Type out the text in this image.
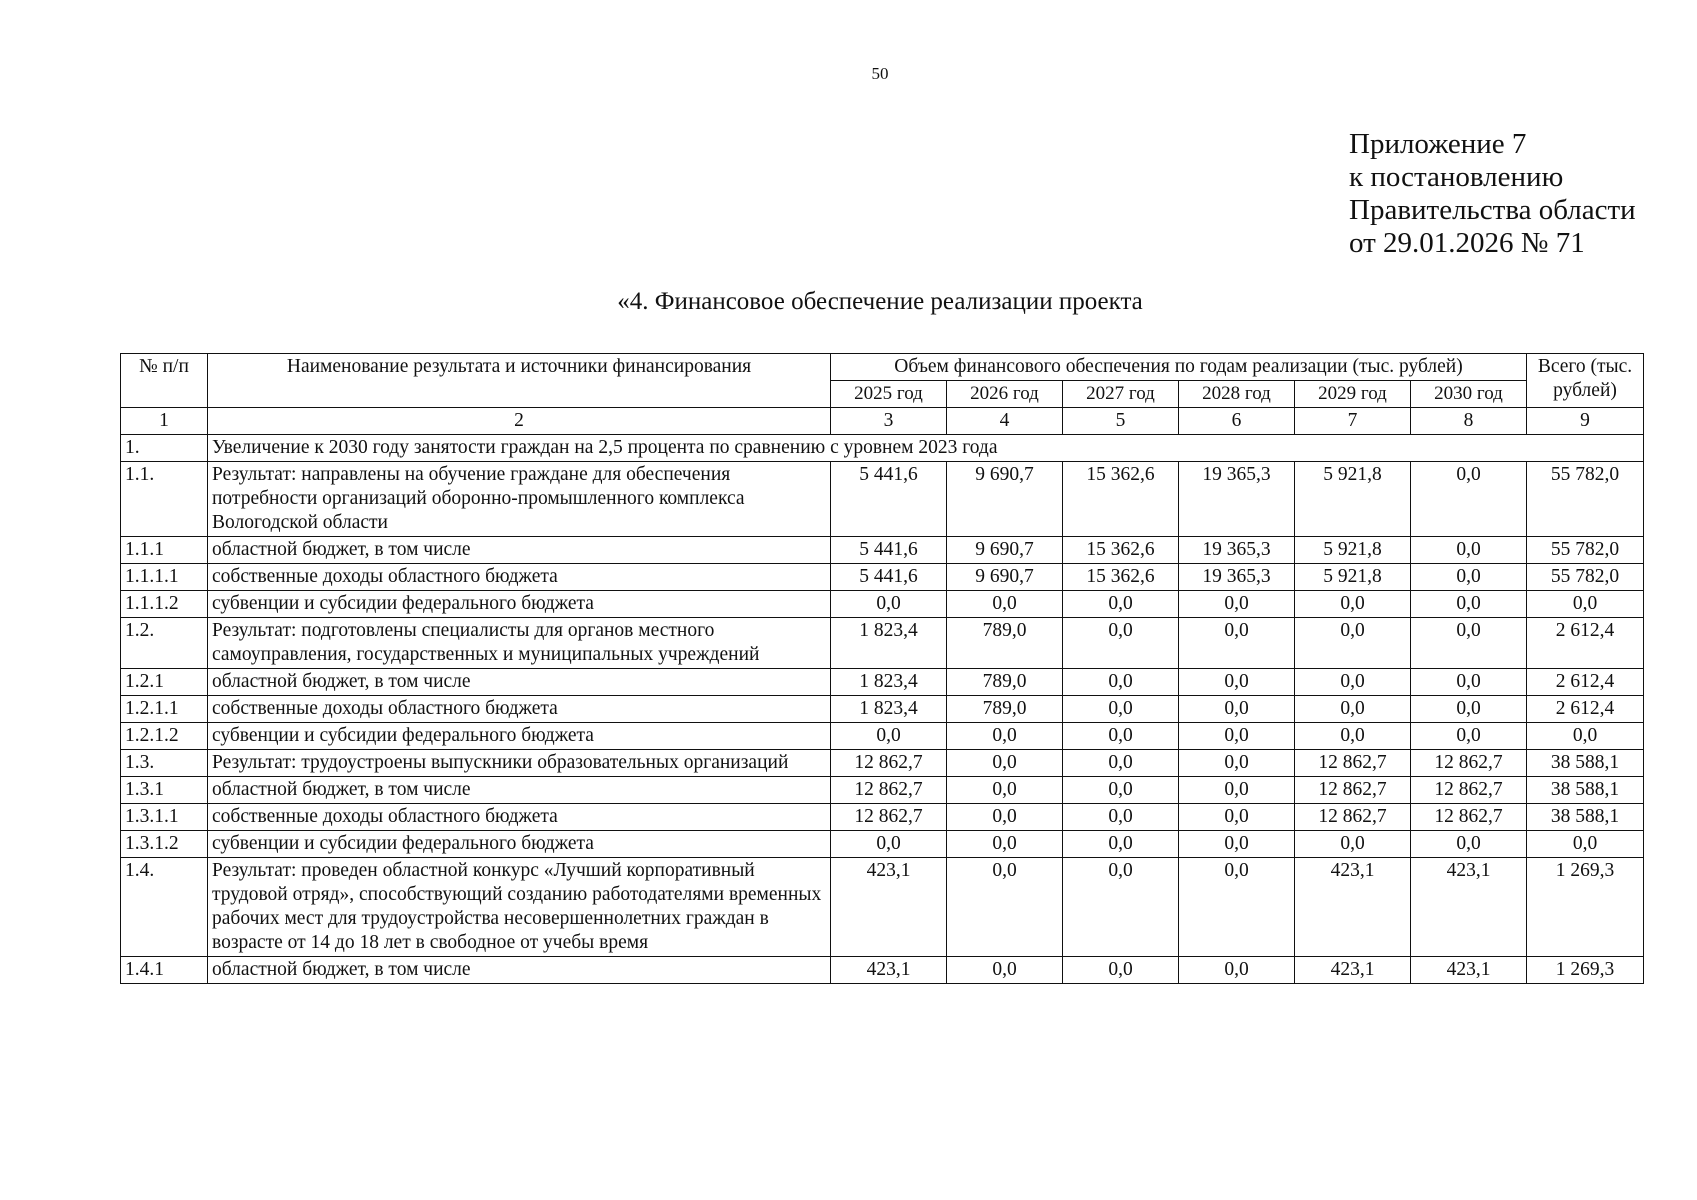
50
Приложение 7
к постановлению
Правительства области
от 29.01.2026 № 71
«4. Финансовое обеспечение реализации проекта
№ п/п	Наименование результата и источники финансирования	Объем финансового обеспечения по годам реализации (тыс. рублей)						Всего (тыс. рублей)
		2025 год	2026 год	2027 год	2028 год	2029 год	2030 год	
1	2	3	4	5	6	7	8	9
1.	Увеличение к 2030 году занятости граждан на 2,5 процента по сравнению с уровнем 2023 года							
1.1.	Результат: направлены на обучение граждане для обеспечения потребности организаций оборонно-промышленного комплекса Вологодской области	5 441,6	9 690,7	15 362,6	19 365,3	5 921,8	0,0	55 782,0
1.1.1	областной бюджет, в том числе	5 441,6	9 690,7	15 362,6	19 365,3	5 921,8	0,0	55 782,0
1.1.1.1	собственные доходы областного бюджета	5 441,6	9 690,7	15 362,6	19 365,3	5 921,8	0,0	55 782,0
1.1.1.2	субвенции и субсидии федерального бюджета	0,0	0,0	0,0	0,0	0,0	0,0	0,0
1.2.	Результат: подготовлены специалисты для органов местного самоуправления, государственных и муниципальных учреждений	1 823,4	789,0	0,0	0,0	0,0	0,0	2 612,4
1.2.1	областной бюджет, в том числе	1 823,4	789,0	0,0	0,0	0,0	0,0	2 612,4
1.2.1.1	собственные доходы областного бюджета	1 823,4	789,0	0,0	0,0	0,0	0,0	2 612,4
1.2.1.2	субвенции и субсидии федерального бюджета	0,0	0,0	0,0	0,0	0,0	0,0	0,0
1.3.	Результат: трудоустроены выпускники образовательных организаций	12 862,7	0,0	0,0	0,0	12 862,7	12 862,7	38 588,1
1.3.1	областной бюджет, в том числе	12 862,7	0,0	0,0	0,0	12 862,7	12 862,7	38 588,1
1.3.1.1	собственные доходы областного бюджета	12 862,7	0,0	0,0	0,0	12 862,7	12 862,7	38 588,1
1.3.1.2	субвенции и субсидии федерального бюджета	0,0	0,0	0,0	0,0	0,0	0,0	0,0
1.4.	Результат: проведен областной конкурс «Лучший корпоративный трудовой отряд», способствующий созданию работодателями временных рабочих мест для трудоустройства несовершеннолетних граждан в возрасте от 14 до 18 лет в свободное от учебы время	423,1	0,0	0,0	0,0	423,1	423,1	1 269,3
1.4.1	областной бюджет, в том числе	423,1	0,0	0,0	0,0	423,1	423,1	1 269,3
